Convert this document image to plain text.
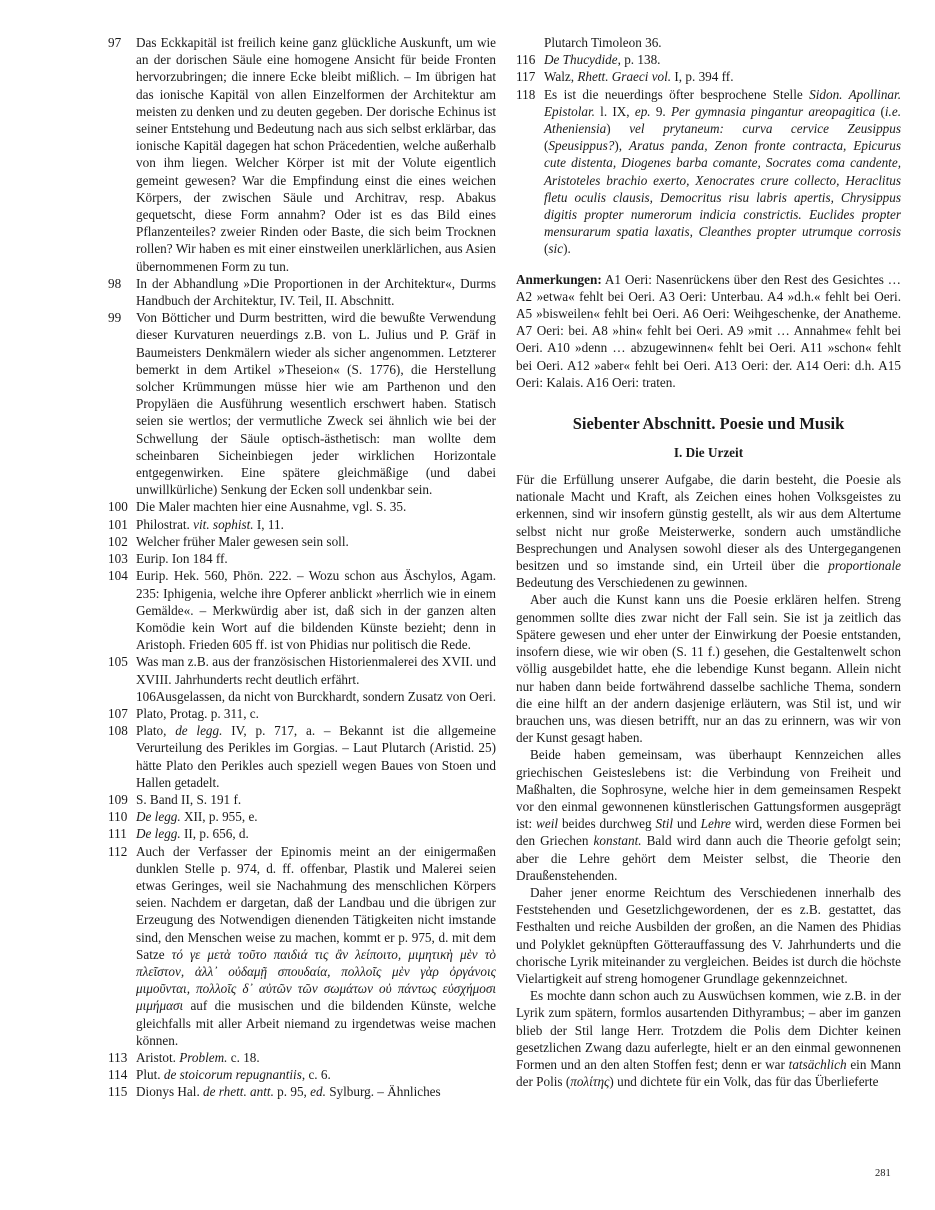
97 Das Eckkapitäl ist freilich keine ganz glückliche Auskunft, um wie an der dorischen Säule eine homogene Ansicht für beide Fronten hervorzubringen; die innere Ecke bleibt mißlich. – Im übrigen hat das ionische Kapitäl von allen Einzelformen der Architektur am meisten zu denken und zu deuten gegeben. Der dorische Echinus ist seiner Entstehung und Bedeutung nach aus sich selbst erklärbar, das ionische Kapitäl dagegen hat schon Präcedentien, welche außerhalb von ihm liegen. Welcher Körper ist mit der Volute eigentlich gemeint gewesen? War die Empfindung einst die eines weichen Körpers, der zwischen Säule und Architrav, resp. Abakus gequetscht, diese Form annahm? Oder ist es das Bild eines Pflanzenteiles? zweier Rinden oder Baste, die sich beim Trocknen rollen? Wir haben es mit einer einstweilen unerklärlichen, aus Asien übernommenen Form zu tun.
98 In der Abhandlung »Die Proportionen in der Architektur«, Durms Handbuch der Architektur, IV. Teil, II. Abschnitt.
99 Von Bötticher und Durm bestritten, wird die bewußte Verwendung dieser Kurvaturen neuerdings z.B. von L. Julius und P. Gräf in Baumeisters Denkmälern wieder als sicher angenommen. Letzterer bemerkt in dem Artikel »Theseion« (S. 1776), die Herstellung solcher Krümmungen müsse hier wie am Parthenon und den Propyläen die Ausführung wesentlich erschwert haben. Statisch seien sie wertlos; der vermutliche Zweck sei ähnlich wie bei der Schwellung der Säule optisch-ästhetisch: man wollte dem scheinbaren Sicheinbiegen jeder wirklichen Horizontale entgegenwirken. Eine spätere gleichmäßige (und dabei unwillkürliche) Senkung der Ecken soll undenkbar sein.
100 Die Maler machten hier eine Ausnahme, vgl. S. 35.
101 Philostrat. vit. sophist. I, 11.
102 Welcher früher Maler gewesen sein soll.
103 Eurip. Ion 184 ff.
104 Eurip. Hek. 560, Phön. 222. – Wozu schon aus Äschylos, Agam. 235: Iphigenia, welche ihre Opferer anblickt »herrlich wie in einem Gemälde«. – Merkwürdig aber ist, daß sich in der ganzen alten Komödie kein Wort auf die bildenden Künste bezieht; denn in Aristoph. Frieden 605 ff. ist von Phidias nur politisch die Rede.
105 Was man z.B. aus der französischen Historienmalerei des XVII. und XVIII. Jahrhunderts recht deutlich erfährt.
106Ausgelassen, da nicht von Burckhardt, sondern Zusatz von Oeri.
107 Plato, Protag. p. 311, c.
108 Plato, de legg. IV, p. 717, a. – Bekannt ist die allgemeine Verurteilung des Perikles im Gorgias. – Laut Plutarch (Aristid. 25) hätte Plato den Perikles auch speziell wegen Baues von Stoen und Hallen getadelt.
109 S. Band II, S. 191 f.
110 De legg. XII, p. 955, e.
111 De legg. II, p. 656, d.
112 Auch der Verfasser der Epinomis meint an der einigermaßen dunklen Stelle p. 974, d. ff. offenbar, Plastik und Malerei seien etwas Geringes, weil sie Nachahmung des menschlichen Körpers seien. Nachdem er dargetan, daß der Landbau und die übrigen zur Erzeugung des Notwendigen dienenden Tätigkeiten nicht imstande sind, den Menschen weise zu machen, kommt er p. 975, d. mit dem Satze τό γε μετὰ τοῦτο παιδιά τις ἂν λείποιτο, μιμητικὴ μὲν τὸ πλεῖστον, ἀλλ᾽ οὐδαμῇ σπουδαία, πολλοῖς μὲν γὰρ ὀργάνοις μιμοῦνται, πολλοῖς δ᾽ αὐτῶν τῶν σωμάτων οὐ πάντως εὐσχήμοσι μιμήμασι auf die musischen und die bildenden Künste, welche gleichfalls mit aller Arbeit niemand zu irgendetwas weise machen können.
113 Aristot. Problem. c. 18.
114 Plut. de stoicorum repugnantiis, c. 6.
115 Dionys Hal. de rhett. antt. p. 95, ed. Sylburg. – Ähnliches
Plutarch Timoleon 36.
116 De Thucydide, p. 138.
117 Walz, Rhett. Graeci vol. I, p. 394 ff.
118 Es ist die neuerdings öfter besprochene Stelle Sidon. Apollinar. Epistolar. l. IX, ep. 9. Per gymnasia pingantur areopagitica (i.e. Atheniensia) vel prytaneum: curva cervice Zeusippus (Speusippus?), Aratus panda, Zenon fronte contracta, Epicurus cute distenta, Diogenes barba comante, Socrates coma candente, Aristoteles brachio exerto, Xenocrates crure collecto, Heraclitus fletu oculis clausis, Democritus risu labris apertis, Chrysippus digitis propter numerorum indicia constrictis. Euclides propter mensurarum spatia laxatis, Cleanthes propter utrumque corrosis (sic).
Anmerkungen: A1 Oeri: Nasenrückens über den Rest des Gesichtes … A2 »etwa« fehlt bei Oeri. A3 Oeri: Unterbau. A4 »d.h.« fehlt bei Oeri. A5 »bisweilen« fehlt bei Oeri. A6 Oeri: Weihgeschenke, der Anatheme. A7 Oeri: bei. A8 »hin« fehlt bei Oeri. A9 »mit … Annahme« fehlt bei Oeri. A10 »denn … abzugewinnen« fehlt bei Oeri. A11 »schon« fehlt bei Oeri. A12 »aber« fehlt bei Oeri. A13 Oeri: der. A14 Oeri: d.h. A15 Oeri: Kalais. A16 Oeri: traten.
Siebenter Abschnitt. Poesie und Musik
I. Die Urzeit

Für die Erfüllung unserer Aufgabe, die darin besteht, die Poesie als nationale Macht und Kraft, als Zeichen eines hohen Volksgeistes zu erkennen, sind wir insofern günstig gestellt, als wir aus dem Altertume selbst nicht nur große Meisterwerke, sondern auch umständliche Besprechungen und Analysen sowohl dieser als des Untergegangenen besitzen und so imstande sind, ein Urteil über die proportionale Bedeutung des Verschiedenen zu gewinnen.

Aber auch die Kunst kann uns die Poesie erklären helfen. Streng genommen sollte dies zwar nicht der Fall sein. Sie ist ja zeitlich das Spätere gewesen und eher unter der Einwirkung der Poesie entstanden, insofern diese, wie wir oben (S. 11 f.) gesehen, die Gestaltenwelt schon völlig ausgebildet hatte, ehe die lebendige Kunst begann. Allein nicht nur haben dann beide fortwährend dasselbe sachliche Thema, sondern die eine hilft an der andern dasjenige erläutern, was Stil ist, und wir brauchen uns, was diesen betrifft, nur an das zu erinnern, was wir von der Kunst gesagt haben.

Beide haben gemeinsam, was überhaupt Kennzeichen alles griechischen Geisteslebens ist: die Verbindung von Freiheit und Maßhalten, die Sophrosyne, welche hier in dem gemeinsamen Respekt vor den einmal gewonnenen künstlerischen Gattungsformen ausgeprägt ist: weil beides durchweg Stil und Lehre wird, werden diese Formen bei den Griechen konstant. Bald wird dann auch die Theorie gefolgt sein; aber die Lehre gehört dem Meister selbst, die Theorie den Draußenstehenden.

Daher jener enorme Reichtum des Verschiedenen innerhalb des Feststehenden und Gesetzlichgewordenen, der es z.B. gestattet, das Festhalten und reiche Ausbilden der großen, an die Namen des Phidias und Polyklet geknüpften Götterauffassung des V. Jahrhunderts und die chorische Lyrik miteinander zu vergleichen. Beides ist durch die höchste Vielartigkeit auf streng homogener Grundlage gekennzeichnet.

Es mochte dann schon auch zu Auswüchsen kommen, wie z.B. in der Lyrik zum spätern, formlos ausartenden Dithyrambus; – aber im ganzen blieb der Stil lange Herr. Trotzdem die Polis dem Dichter keinen gesetzlichen Zwang dazu auferlegte, hielt er an den einmal gewonnenen Formen und an den alten Stoffen fest; denn er war tatsächlich ein Mann der Polis (πολίτης) und dichtete für ein Volk, das für das Überlieferte

281
